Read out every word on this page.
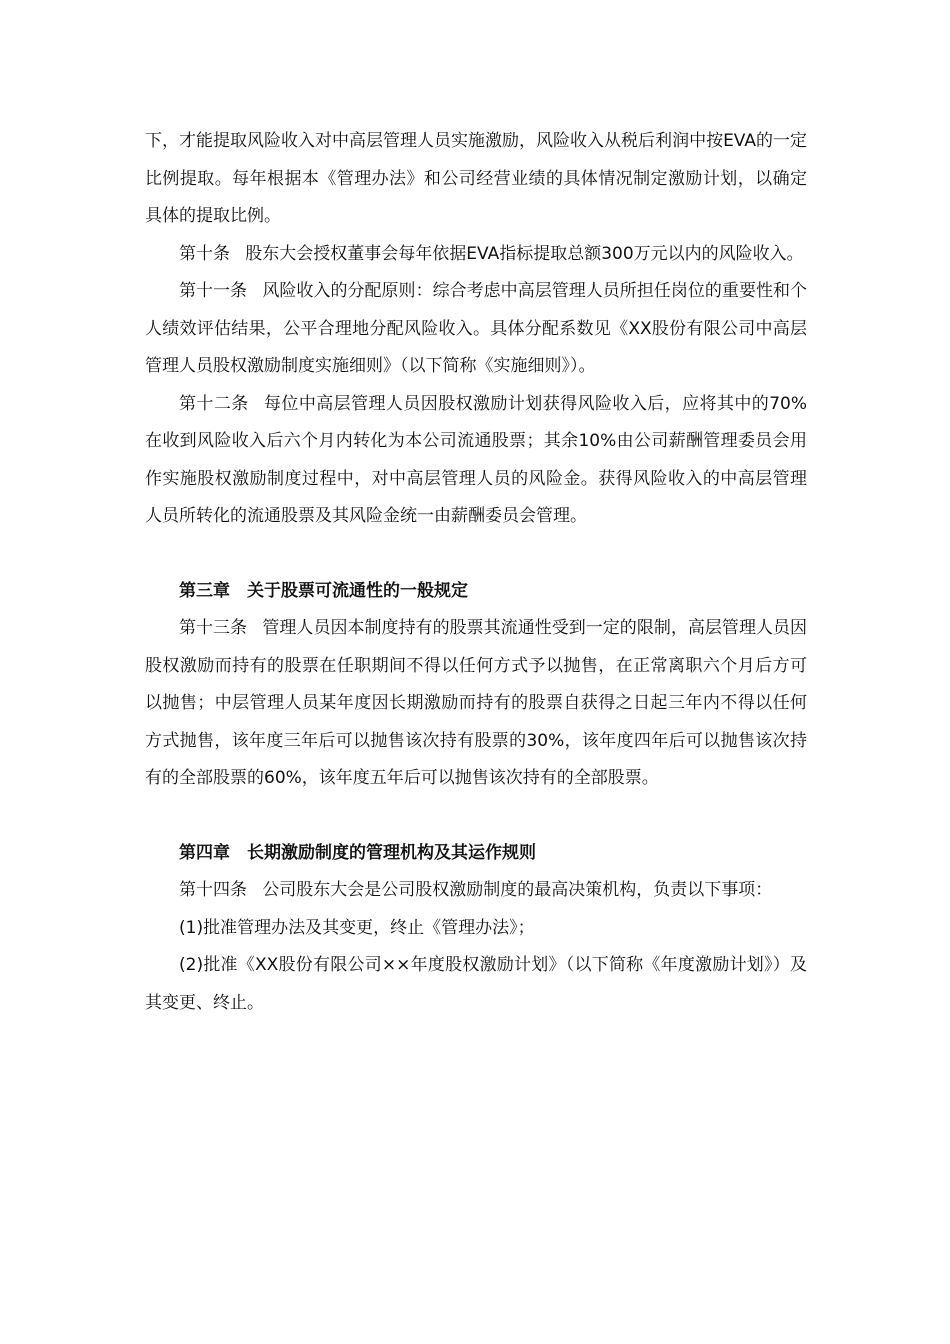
下，才能提取风险收入对中高层管理人员实施激励，风险收入从税后利润中按EVA的一定比例提取。每年根据本《管理办法》和公司经营业绩的具体情况制定激励计划，以确定具体的提取比例。

第十条 股东大会授权董事会每年依据EVA指标提取总额300万元以内的风险收入。

第十一条 风险收入的分配原则：综合考虑中高层管理人员所担任岗位的重要性和个人绩效评估结果，公平合理地分配风险收入。具体分配系数见《XX股份有限公司中高层管理人员股权激励制度实施细则》（以下简称《实施细则》）。

第十二条 每位中高层管理人员因股权激励计划获得风险收入后，应将其中的70%在收到风险收入后六个月内转化为本公司流通股票；其余10%由公司薪酬管理委员会用作实施股权激励制度过程中，对中高层管理人员的风险金。获得风险收入的中高层管理人员所转化的流通股票及其风险金统一由薪酬委员会管理。

第三章　关于股票可流通性的一般规定

第十三条 管理人员因本制度持有的股票其流通性受到一定的限制，高层管理人员因股权激励而持有的股票在任职期间不得以任何方式予以抛售，在正常离职六个月后方可以抛售；中层管理人员某年度因长期激励而持有的股票自获得之日起三年内不得以任何方式抛售，该年度三年后可以抛售该次持有股票的30%，该年度四年后可以抛售该次持有的全部股票的60%，该年度五年后可以抛售该次持有的全部股票。

第四章　长期激励制度的管理机构及其运作规则

第十四条 公司股东大会是公司股权激励制度的最高决策机构，负责以下事项：

(1)批准管理办法及其变更，终止《管理办法》；

(2)批准《XX股份有限公司××年度股权激励计划》（以下简称《年度激励计划》）及其变更、终止。
